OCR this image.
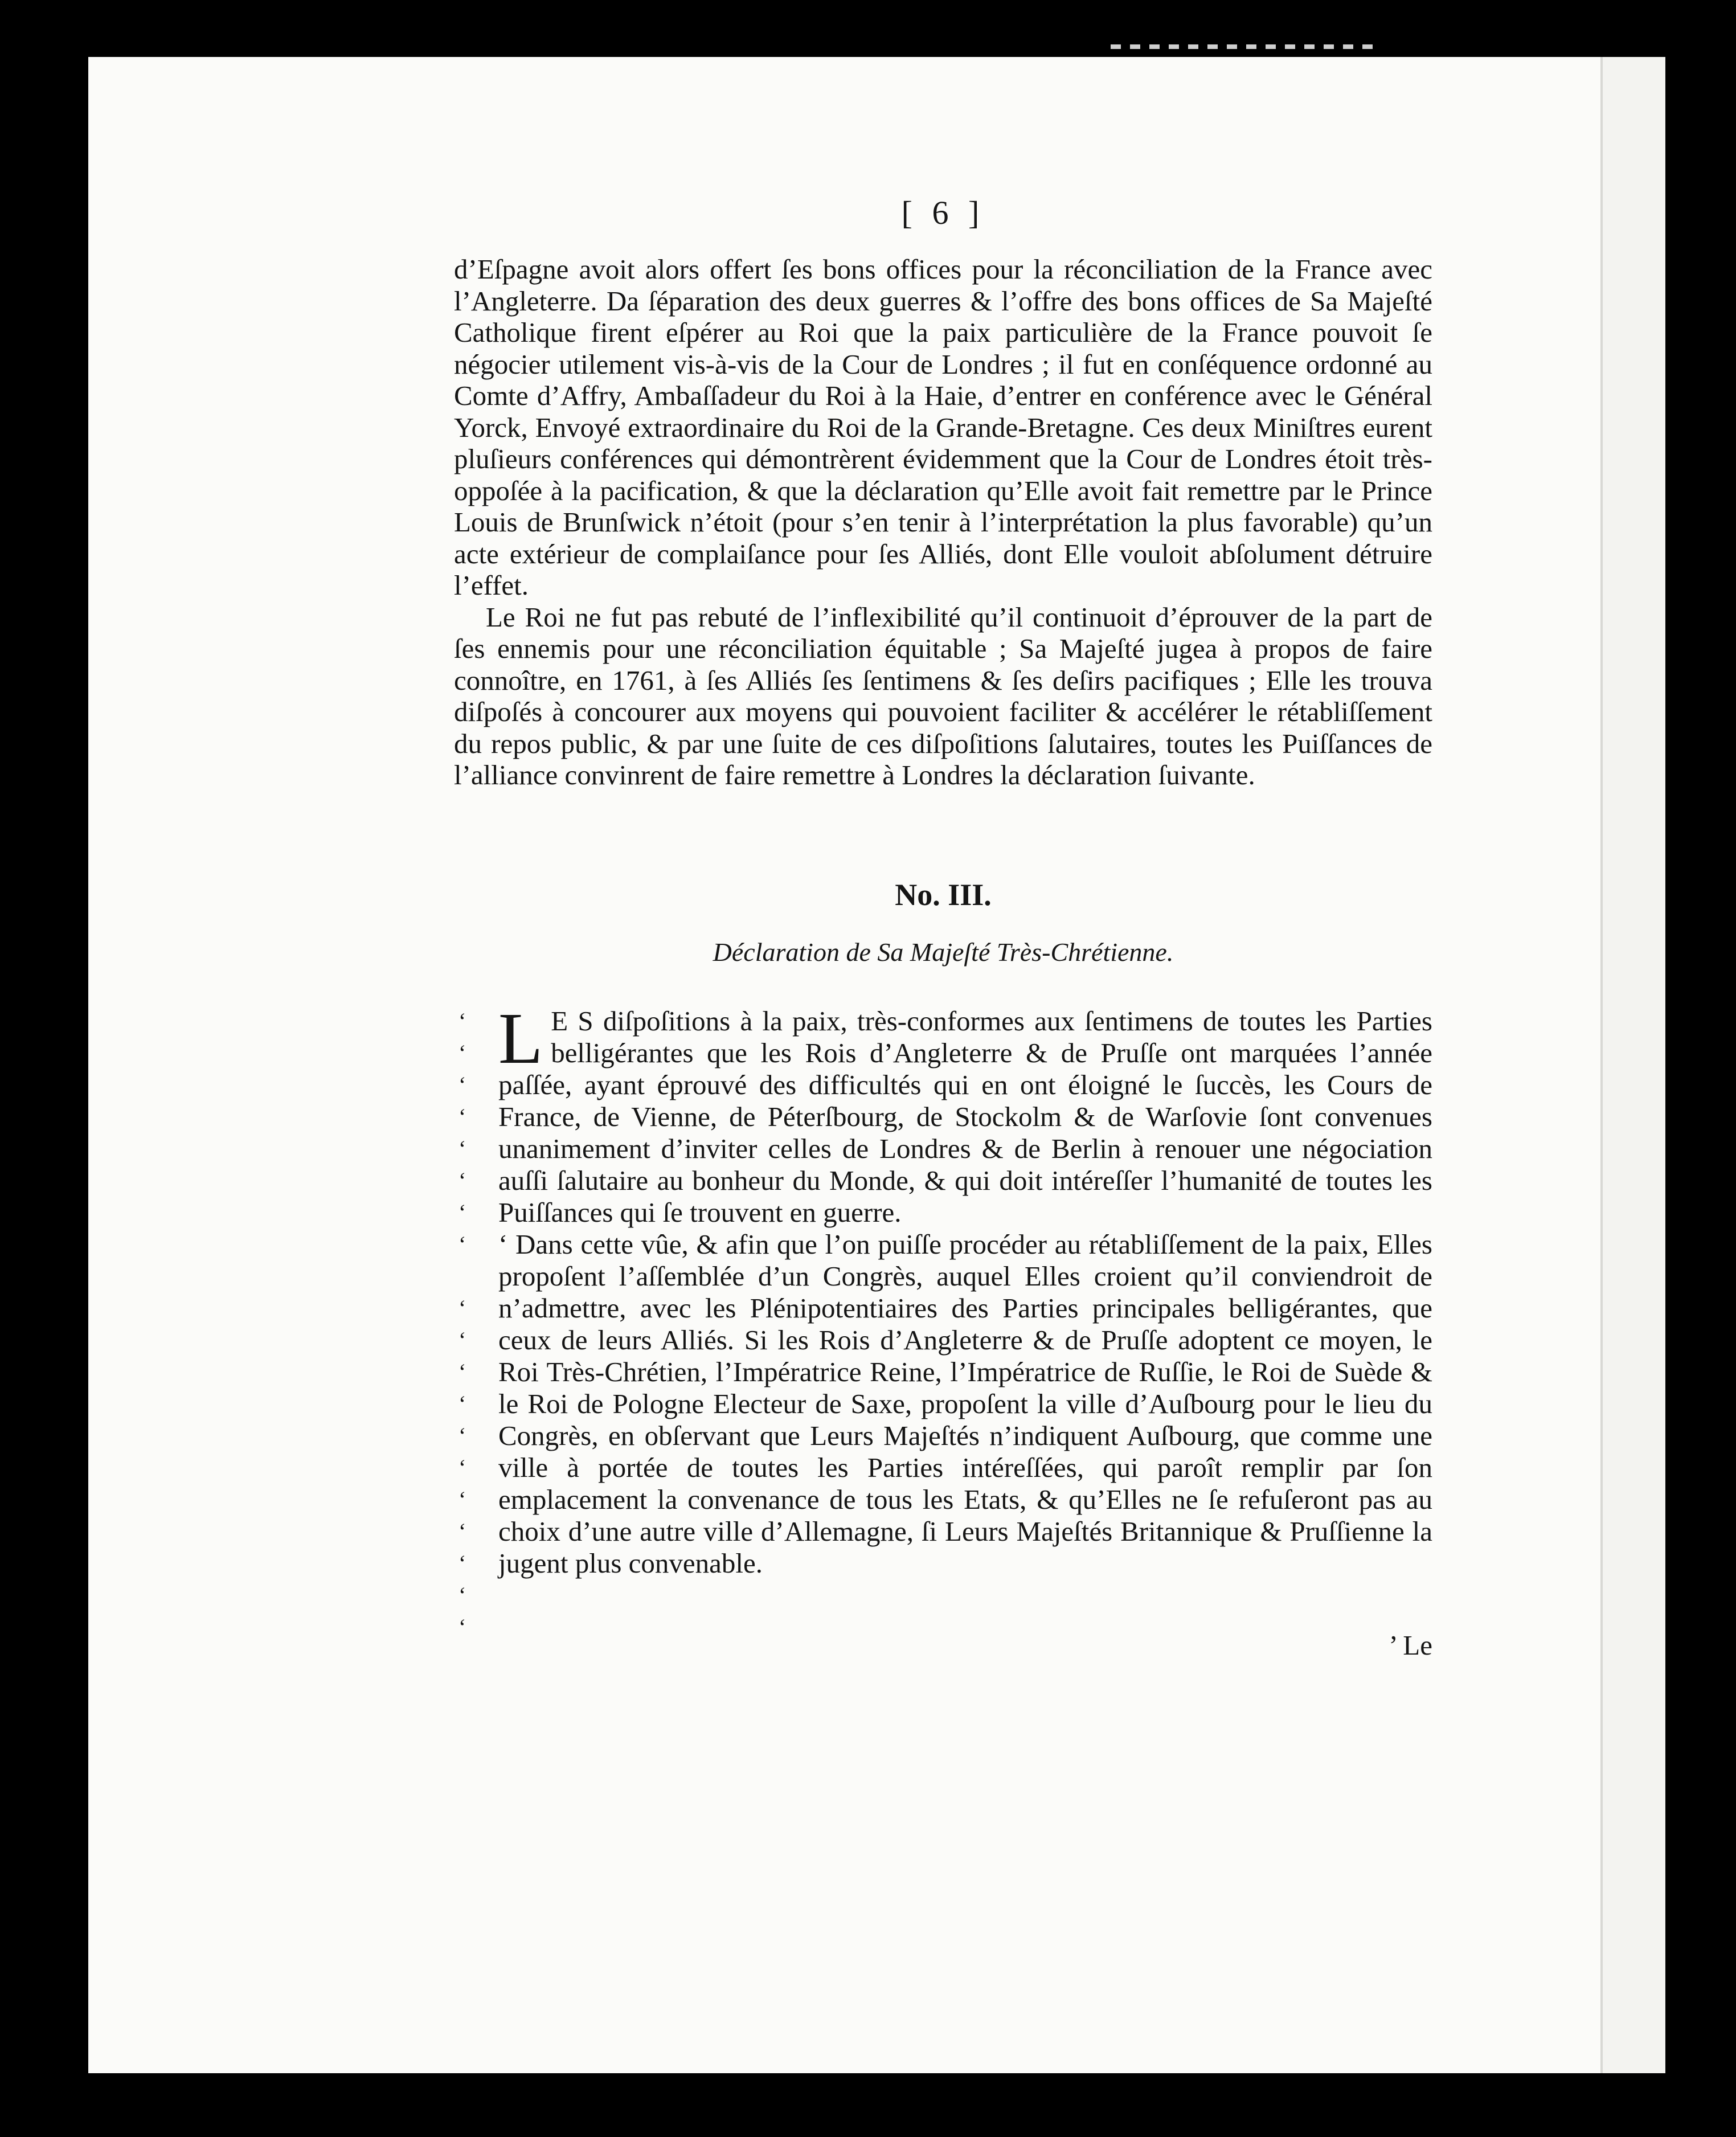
[ 6 ]

d’Eſpagne avoit alors offert ſes bons offices pour la réconciliation de la France avec l’Angleterre. Da ſéparation des deux guerres & l’offre des bons offices de Sa Majeſté Catholique firent eſpérer au Roi que la paix particulière de la France pouvoit ſe négocier utilement vis-à-vis de la Cour de Londres ; il fut en conſéquence ordonné au Comte d’Affry, Ambaſſadeur du Roi à la Haie, d’entrer en conférence avec le Général Yorck, Envoyé extraordinaire du Roi de la Grande-Bretagne. Ces deux Miniſtres eurent pluſieurs conférences qui démontrèrent évidemment que la Cour de Londres étoit très-oppoſée à la pacification, & que la déclaration qu’Elle avoit fait remettre par le Prince Louis de Brunſwick n’étoit (pour s’en tenir à l’interprétation la plus favorable) qu’un acte extérieur de complaiſance pour ſes Alliés, dont Elle vouloit abſolument détruire l’effet.

Le Roi ne fut pas rebuté de l’inflexibilité qu’il continuoit d’éprouver de la part de ſes ennemis pour une réconciliation équitable ; Sa Majeſté jugea à propos de faire connoître, en 1761, à ſes Alliés ſes ſentimens & ſes deſirs pacifiques ; Elle les trouva diſpoſés à concourer aux moyens qui pouvoient faciliter & accélérer le rétabliſſement du repos public, & par une ſuite de ces diſpoſitions ſalutaires, toutes les Puiſſances de l’alliance convinrent de faire remettre à Londres la déclaration ſuivante.

No. III.
Déclaration de Sa Majeſté Très-Chrétienne.
‘
‘
‘
‘
‘
‘
‘
‘
‘
‘
‘
‘
‘
‘
‘
‘
‘
‘
‘

L E S diſpoſitions à la paix, très-conformes aux ſentimens de toutes les Parties belligérantes que les Rois d’Angleterre & de Pruſſe ont marquées l’année paſſée, ayant éprouvé des difficultés qui en ont éloigné le ſuccès, les Cours de France, de Vienne, de Péterſbourg, de Stockolm & de Warſovie ſont convenues unanimement d’inviter celles de Londres & de Berlin à renouer une négociation auſſi ſalutaire au bonheur du Monde, & qui doit intéreſſer l’humanité de toutes les Puiſſances qui ſe trouvent en guerre.

‘ Dans cette vûe, & afin que l’on puiſſe procéder au rétabliſſement de la paix, Elles propoſent l’aſſemblée d’un Congrès, auquel Elles croient qu’il conviendroit de n’admettre, avec les Plénipotentiaires des Parties principales belligérantes, que ceux de leurs Alliés. Si les Rois d’Angleterre & de Pruſſe adoptent ce moyen, le Roi Très-Chrétien, l’Impératrice Reine, l’Impératrice de Ruſſie, le Roi de Suède & le Roi de Pologne Electeur de Saxe, propoſent la ville d’Auſbourg pour le lieu du Congrès, en obſervant que Leurs Majeſtés n’indiquent Auſbourg, que comme une ville à portée de toutes les Parties intéreſſées, qui paroît remplir par ſon emplacement la convenance de tous les Etats, & qu’Elles ne ſe refuſeront pas au choix d’une autre ville d’Allemagne, ſi Leurs Majeſtés Britannique & Pruſſienne la jugent plus convenable.

’ Le
